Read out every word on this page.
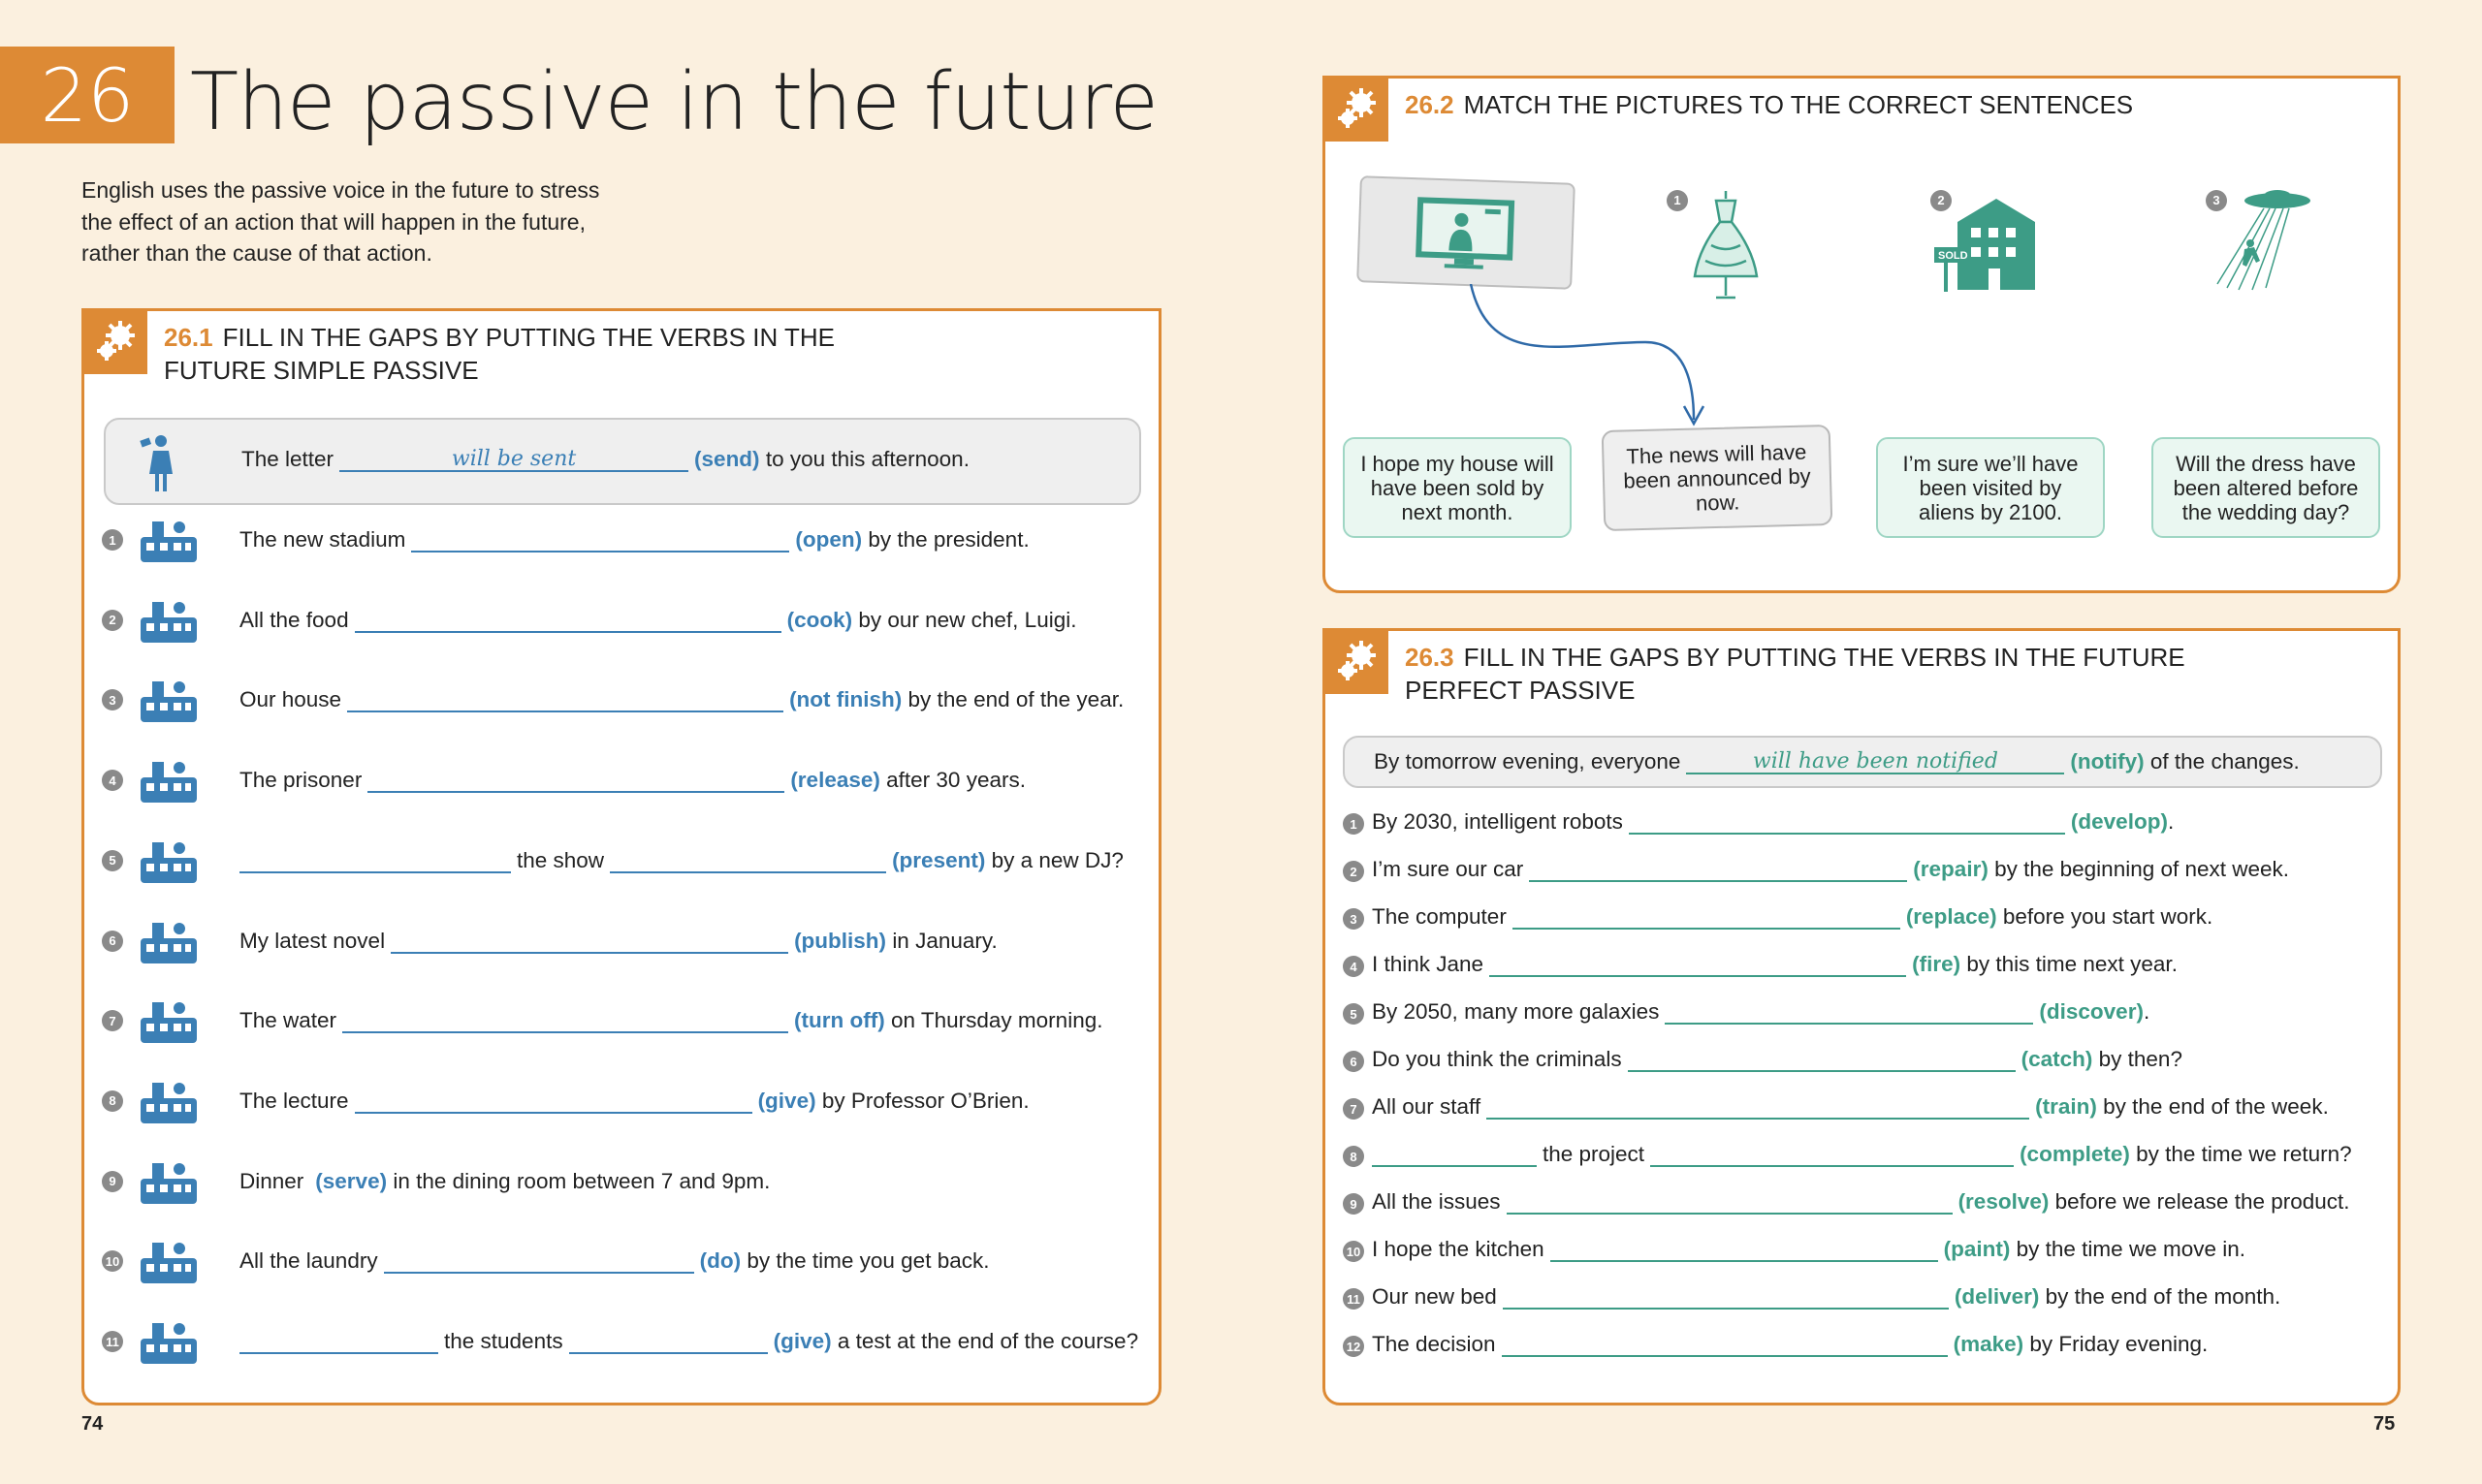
26 The passive in the future
English uses the passive voice in the future to stress the effect of an action that will happen in the future, rather than the cause of that action.
26.1 FILL IN THE GAPS BY PUTTING THE VERBS IN THE FUTURE SIMPLE PASSIVE
The letter	will be sent	(send)
to you this afternoon.
1	The new stadium	(open)
by the president.
2	All the food	(cook)
by our new chef, Luigi.
3	Our house	(not finish)
by the end of the year.
4	The prisoner	(release)
after 30 years.
5	the show	(present)
by a new DJ?
6	My latest novel	(publish)
in January.
7	The water	(turn off)
on Thursday morning.
8	The lecture	(give)
by Professor O’Brien.
9	Dinner (serve)
in the dining room between 7 and 9pm.
10	All the laundry	(do)
by the time you get back.
11	the students	(give)
a test at the end of the course?
26.2 MATCH THE PICTURES TO THE CORRECT SENTENCES
1	2
SOLD
3
I hope my house will have been sold by next month.
The news will have been announced by now.
I’m sure we’ll have been visited by aliens by 2100.
Will the dress have been altered before the wedding day?
26.3 FILL IN THE GAPS BY PUTTING THE VERBS IN THE FUTURE PERFECT PASSIVE
By tomorrow evening, everyone	will have been notified	(notify)
of the changes.
1 By 2030, intelligent robots	(develop) .
2 I’m sure our car	(repair)
by the beginning of next week.
3 The computer	(replace)
before you start work.
4 I think Jane	(fire)
by this time next year.
5 By 2050, many more galaxies	(discover) .
6 Do you think the criminals	(catch)
by then?
7 All our staff	(train)
by the end of the week.
8	the project	(complete)
by the time we return?
9 All the issues	(resolve)
before we release the product.
10 I hope the kitchen	(paint)
by the time we move in.
11 Our new bed	(deliver)
by the end of the month.
12 The decision	(make)
by Friday evening.
74	75
